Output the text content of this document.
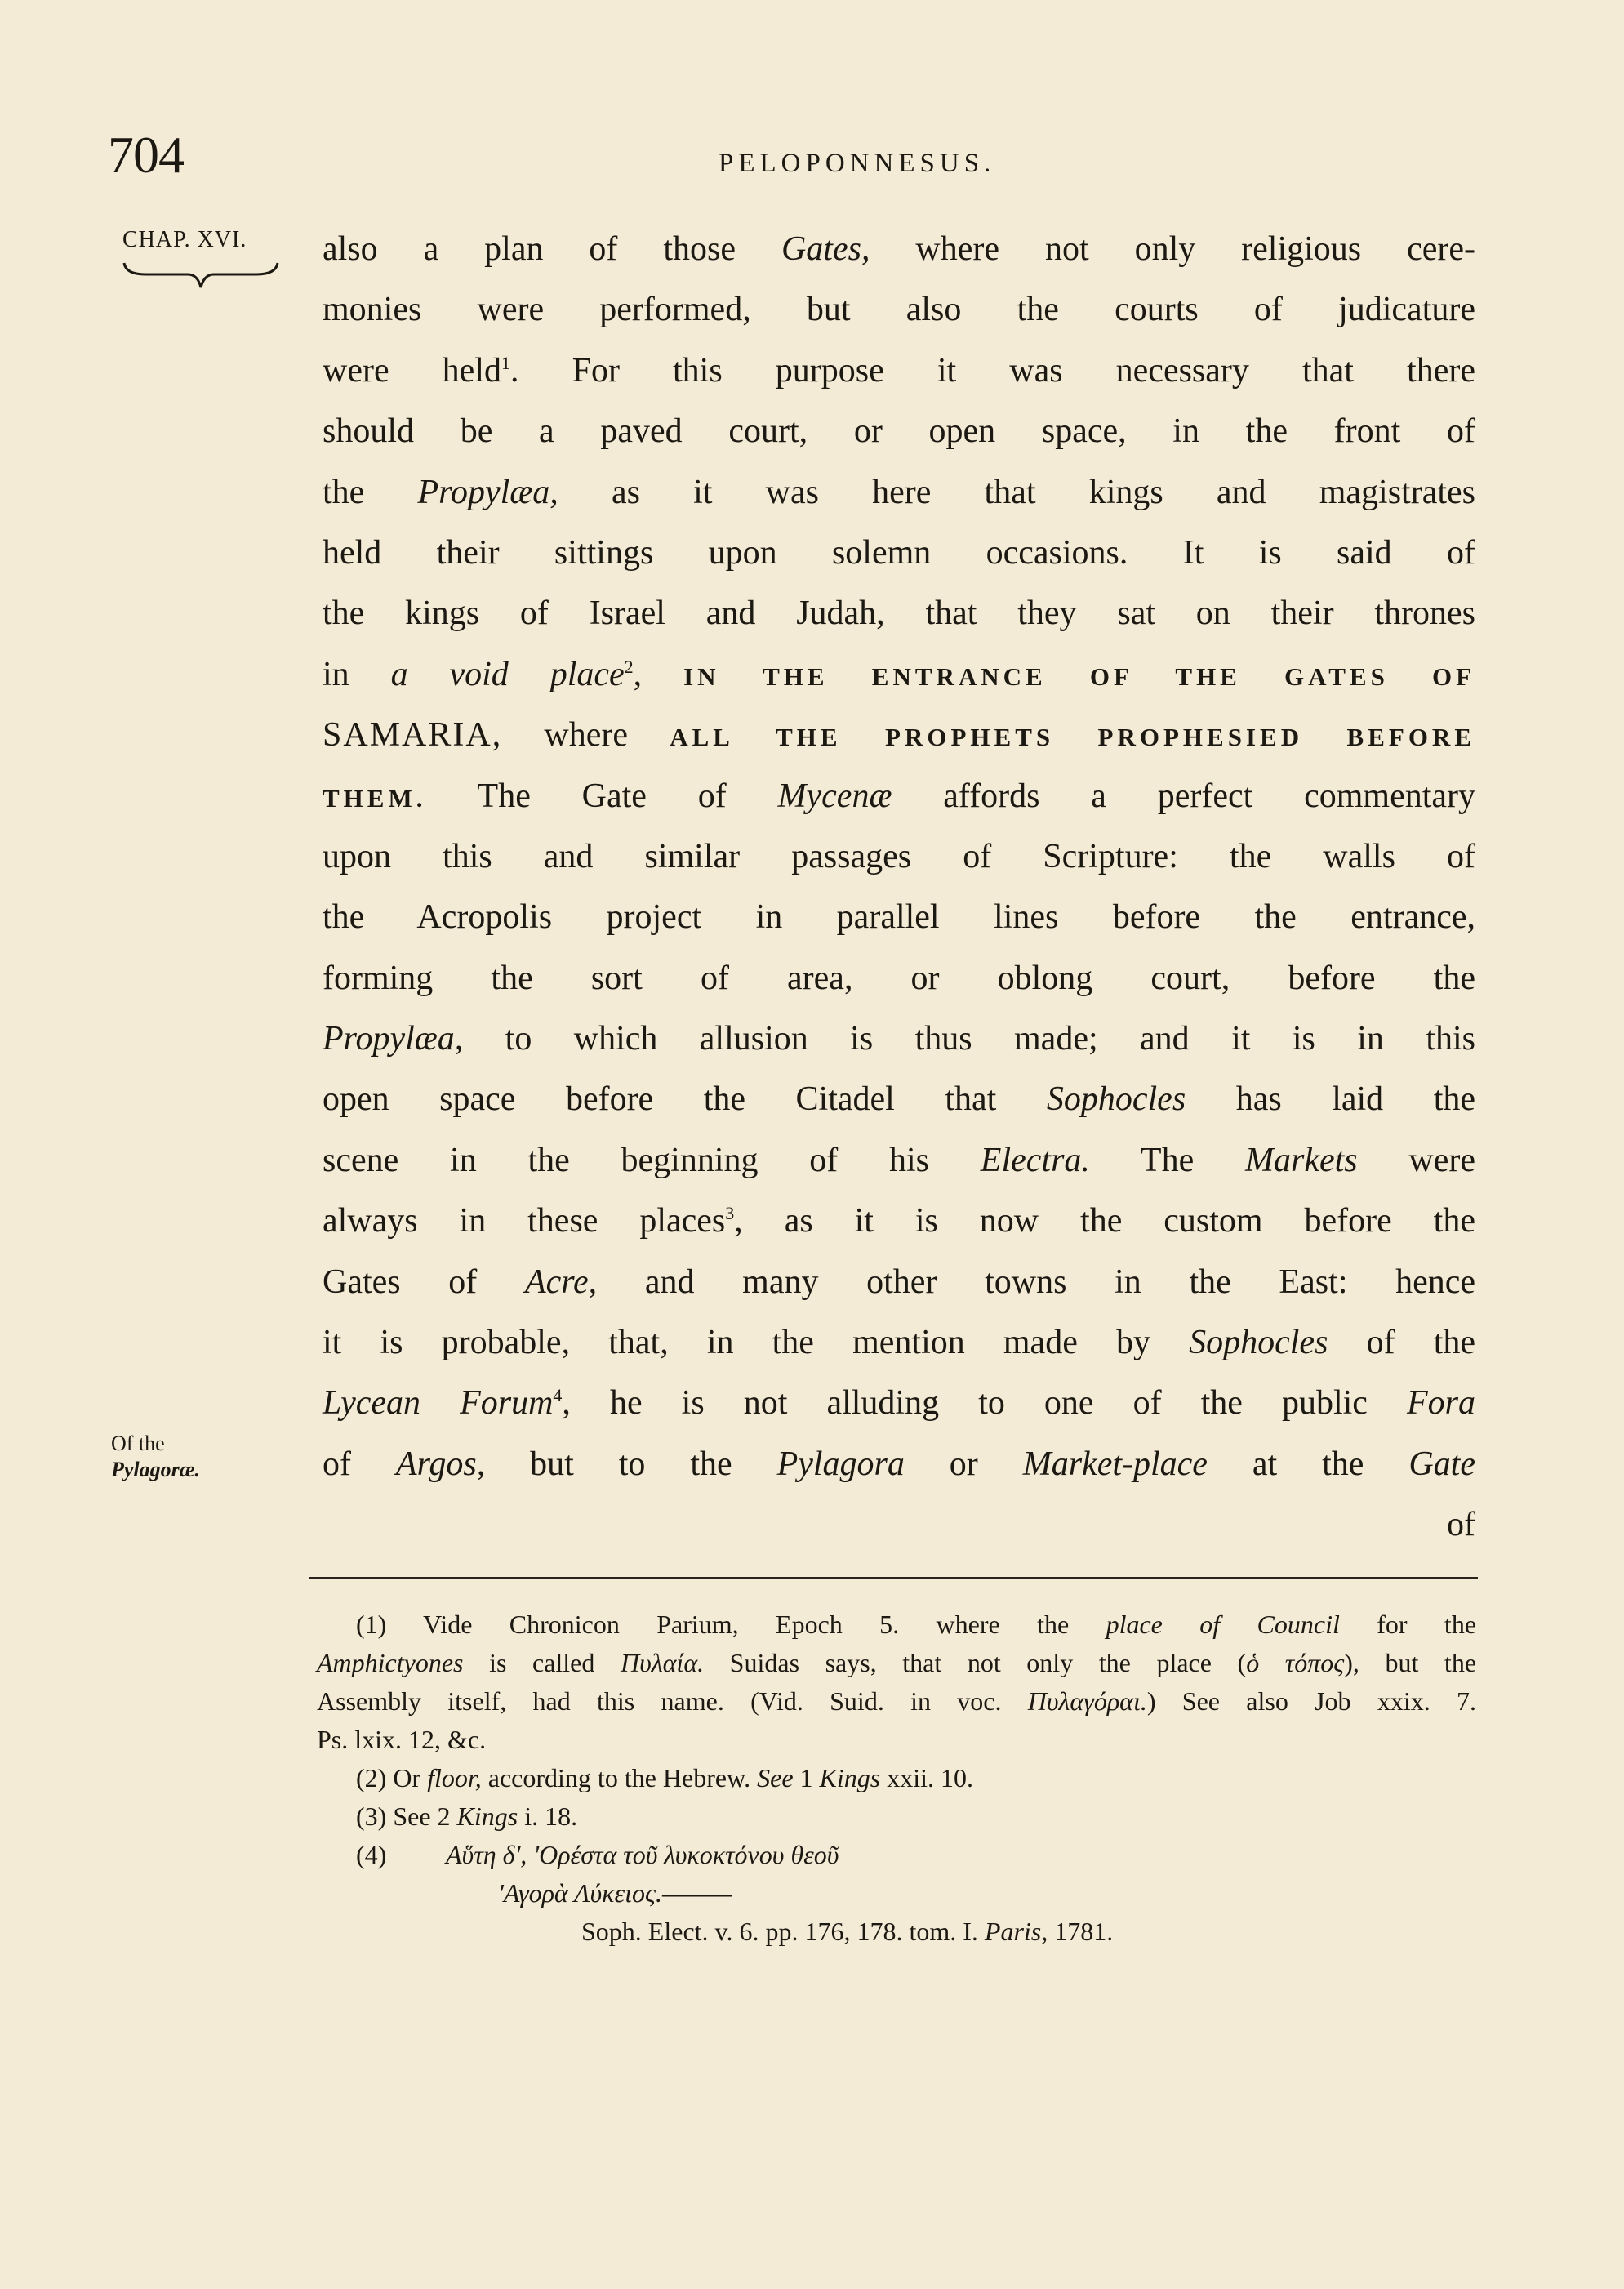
704	PELOPONNESUS.
CHAP. XVI.
Of the
Pylagoræ.
also a plan of those Gates, where not only religious cere-
monies were performed, but also the courts of judicature
were held$^1$. For this purpose it was necessary that there
should be a paved court, or open space, in the front of
the Propylæa, as it was here that kings and magistrates
held their sittings upon solemn occasions. It is said of
the kings of Israel and Judah, that they sat on their thrones
in a void place$^2$, IN THE ENTRANCE OF THE GATES OF
SAMARIA, where ALL THE PROPHETS PROPHESIED BEFORE
THEM. The Gate of Mycenæ affords a perfect commentary
upon this and similar passages of Scripture: the walls of
the Acropolis project in parallel lines before the entrance,
forming the sort of area, or oblong court, before the
Propylæa, to which allusion is thus made; and it is in this
open space before the Citadel that Sophocles has laid the
scene in the beginning of his Electra. The Markets were
always in these places$^3$, as it is now the custom before the
Gates of Acre, and many other towns in the East: hence
it is probable, that, in the mention made by Sophocles of the
Lycean Forum$^4$, he is not alluding to one of the public Fora
of Argos, but to the Pylagora or Market-place at the Gate
of
(1) Vide Chronicon Parium, Epoch 5. where the place of Council for the
Amphictyones is called Πυλαία. Suidas says, that not only the place (ὁ τόπος), but the
Assembly itself, had this name. (Vid. Suid. in voc. Πυλαγόραι.) See also Job xxix. 7.
Ps. lxix. 12, &c.
(2) Or floor, according to the Hebrew. See 1 Kings xxii. 10.
(3) See 2 Kings i. 18.
(4) Αὕτη δ', 'Ορέστα τοῦ λυκοκτόνου θεοῦ
'Αγορὰ Λύκειος.———
Soph. Elect. v. 6. pp. 176, 178. tom. I. Paris, 1781.
